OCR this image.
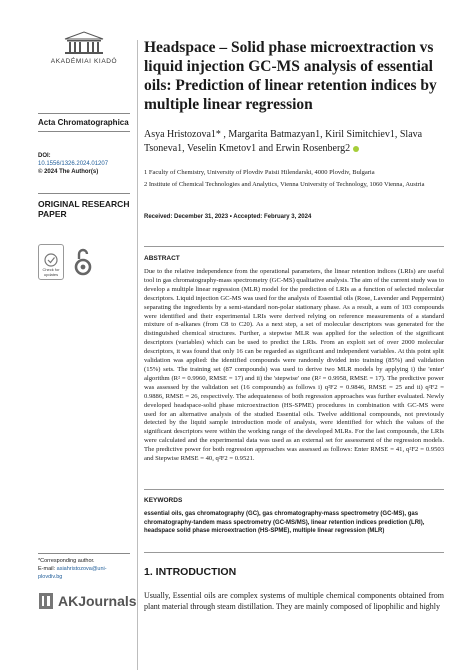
AKADÉMIAI KIADÓ
Acta Chromatographica
DOI:
10.1556/1326.2024.01207
© 2024 The Author(s)
ORIGINAL RESEARCH PAPER
Check for updates
*Corresponding author.
E-mail: asiahristozova@uni-plovdiv.bg
AKJournals
Headspace – Solid phase microextraction vs liquid injection GC-MS analysis of essential oils: Prediction of linear retention indices by multiple linear regression
Asya Hristozova1* , Margarita Batmazyan1, Kiril Simitchiev1, Slava Tsoneva1, Veselin Kmetov1 and Erwin Rosenberg2

1 Faculty of Chemistry, University of Plovdiv Paisii Hilendarski, 4000 Plovdiv, Bulgaria

2 Institute of Chemical Technologies and Analytics, Vienna University of Technology, 1060 Vienna, Austria

Received: December 31, 2023 • Accepted: February 3, 2024
ABSTRACT

Due to the relative independence from the operational parameters, the linear retention indices (LRIs) are useful tool in gas chromatography-mass spectrometry (GC-MS) qualitative analysis. The aim of the current study was to develop a multiple linear regression (MLR) model for the prediction of LRIs as a function of selected molecular descriptors. Liquid injection GC-MS was used for the analysis of Essential oils (Rose, Lavender and Peppermint) separating the ingredients by a semi-standard non-polar stationary phase. As a result, a sum of 103 compounds were identified and their experimental LRIs were derived relying on reference measurements of a standard mixture of n-alkanes (from C8 to C20). As a next step, a set of molecular descriptors was generated for the distinguished chemical structures. Further, a stepwise MLR was applied for the selection of the significant descriptors (variables) which can be used to predict the LRIs. From an exploit set of over 2000 molecular descriptors, it was found that only 16 can be regarded as significant and independent variables. At this point split validation was applied: the identified compounds were randomly divided into training (85%) and validation (15%) sets. The training set (87 compounds) was used to derive two MLR models by applying i) the 'enter' algorithm (R² = 0.9960, RMSE = 17) and ii) the 'stepwise' one (R² = 0.9958, RMSE = 17). The predictive power was assessed by the validation set (16 compounds) as follows i) q²F2 = 0.9846, RMSE = 25 and ii) q²F2 = 0.9886, RMSE = 26, respectively. The adequateness of both regression approaches was further evaluated. Newly developed headspace-solid phase microextraction (HS-SPME) procedures in combination with GC-MS were used for an alternative analysis of the studied Essential oils. Twelve additional compounds, not previously detected by the liquid sample introduction mode of analysis, were identified for which the values of the significant descriptors were within the working range of the developed MLRs. For the last compounds, the LRIs were calculated and the experimental data was used as an external set for assessment of the regression models. The predictive power for both regression approaches was assessed as follows: Enter RMSE = 41, q²F2 = 0.9503 and Stepwise RMSE = 40, q²F2 = 0.9521.

KEYWORDS

essential oils, gas chromatography (GC), gas chromatography-mass spectrometry (GC-MS), gas chromatography-tandem mass spectrometry (GC-MS/MS), linear retention indices prediction (LRI), headspace solid phase microextraction (HS-SPME), multiple linear regression (MLR)

1. INTRODUCTION

Usually, Essential oils are complex systems of multiple chemical components obtained from plant material through steam distillation. They are mainly composed of lipophilic and highly
